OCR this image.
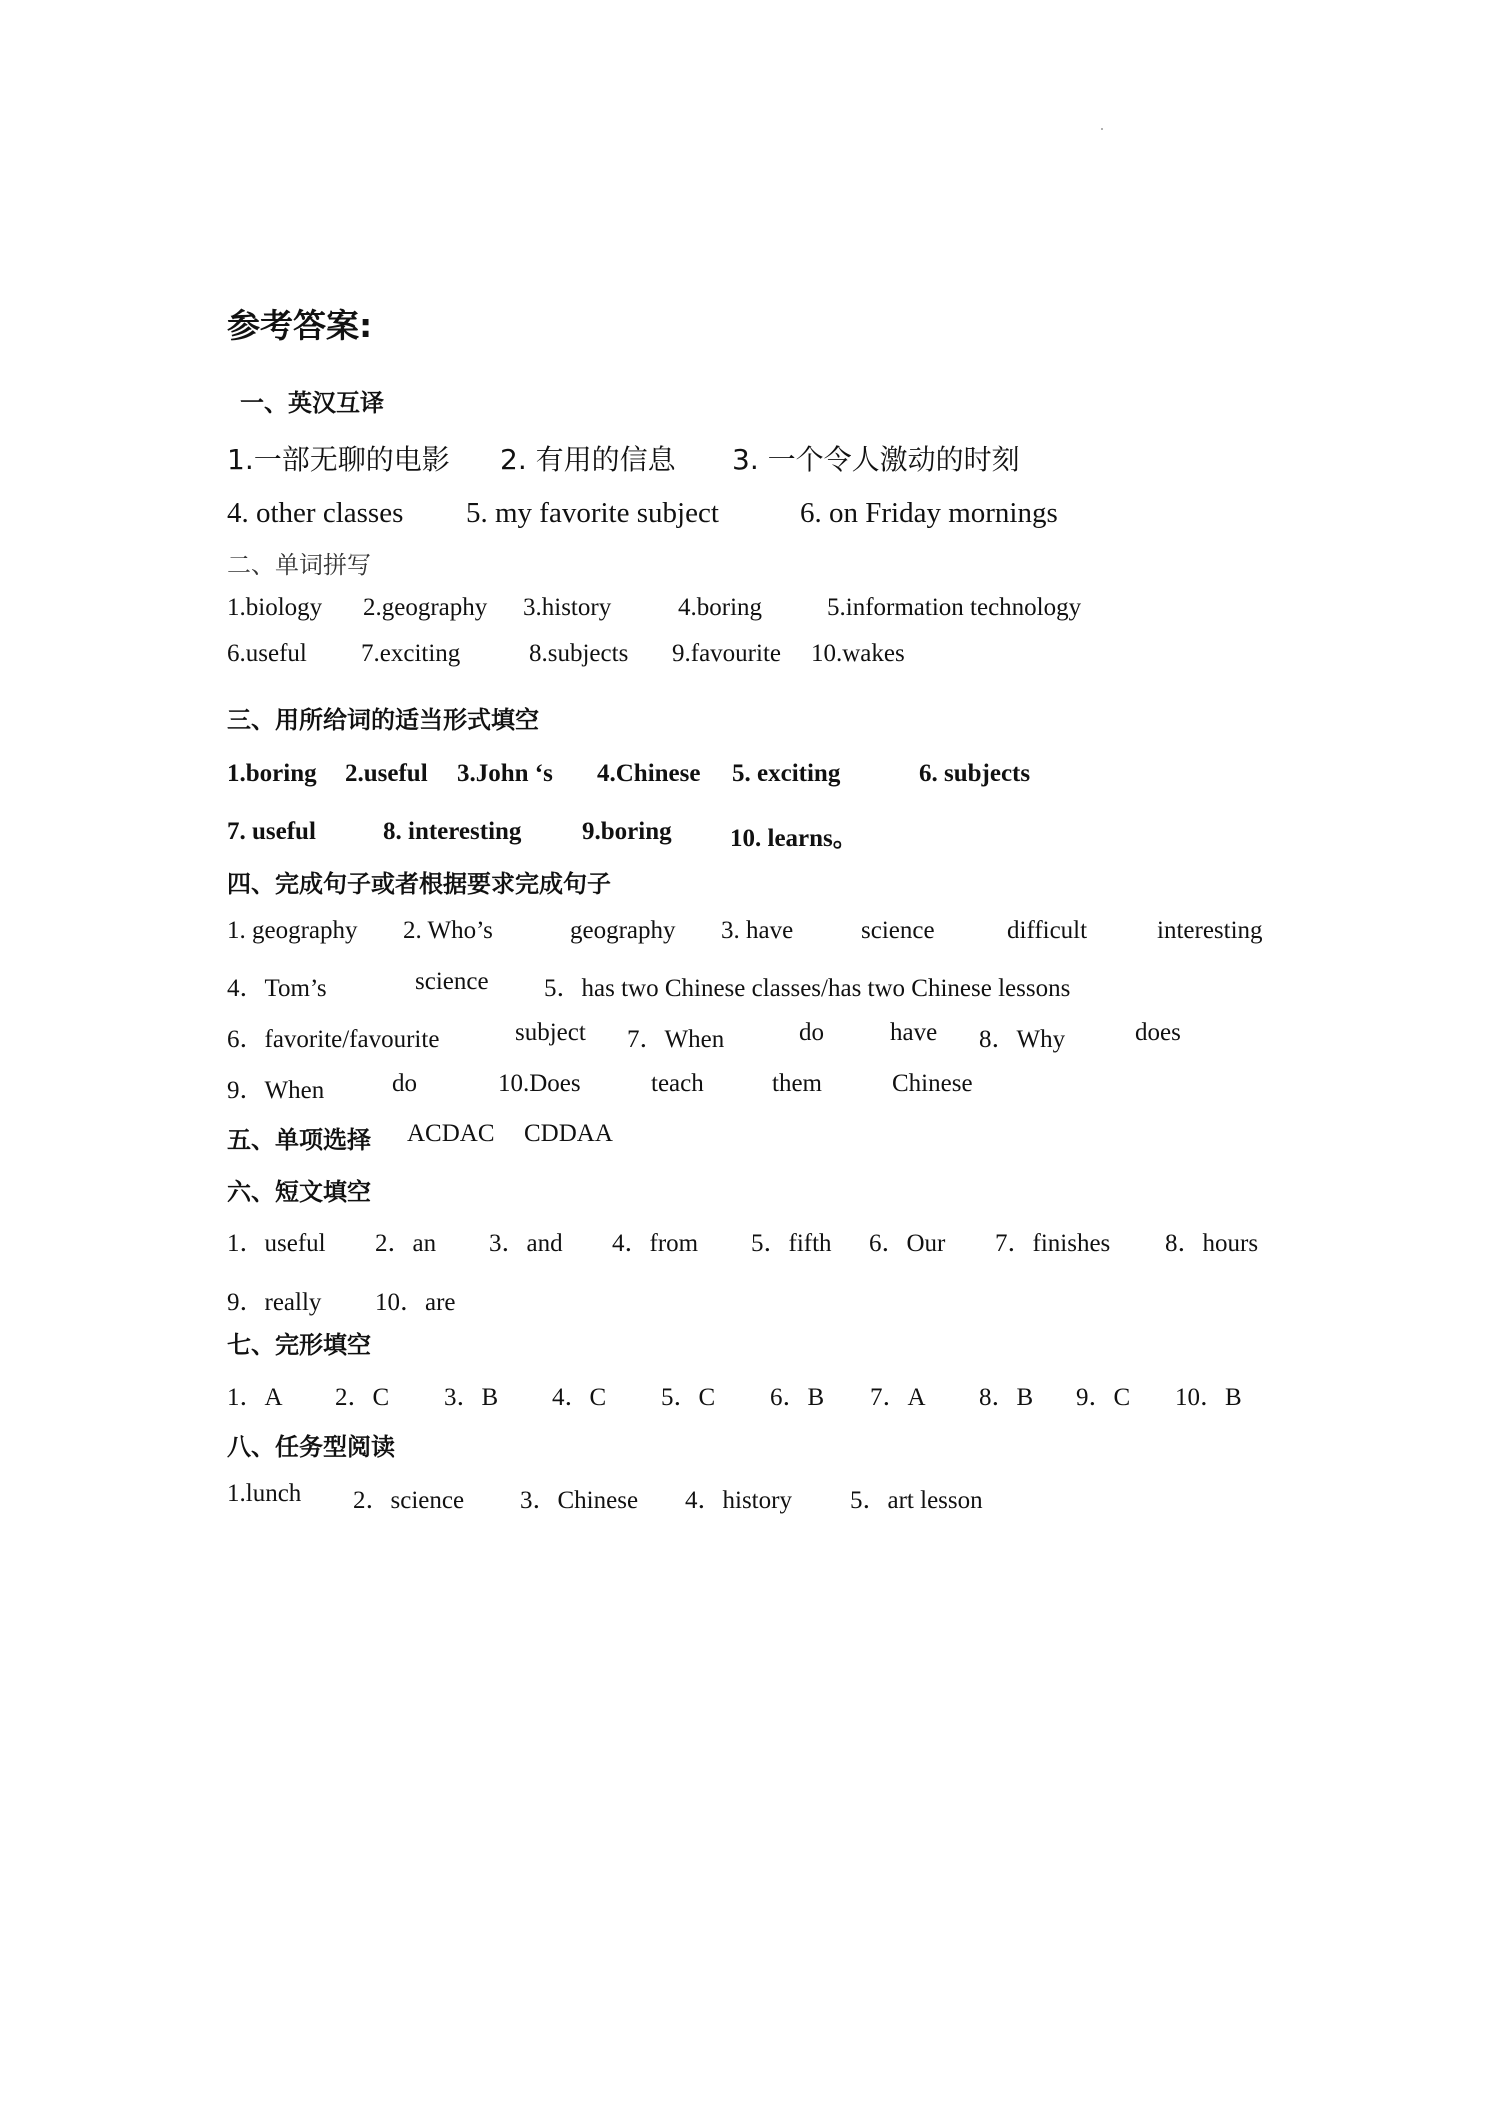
参考答案:
一、英汉互译
1.一部无聊的电影 2. 有用的信息 3. 一个令人激动的时刻
4. other classes 5. my favorite subject	6. on Friday mornings
二、单词拼写
1.biology 2.geography 3.history	4.boring	5.information technology
6.useful 7.exciting	8.subjects 9.favourite 10.wakes
三、用所给词的适当形式填空
1.boring 2.useful 3.John ‘s 4.Chinese 5. exciting	6. subjects
7. useful	8. interesting 9.boring 10. learns。
四、完成句子或者根据要求完成句子
1. geography 2. Who’s	geography 3. have	science	difficult	interesting
4．Tom’s	science 5．has two Chinese classes/has two Chinese lessons
6．favorite/favourite	subject 7．When	do	have 8．Why	does
9．When	do	10.Does	teach	them	Chinese
五、单项选择 ACDAC CDDAA
六、短文填空
1．useful 2．an 3．and 4．from 5．fifth 6．Our 7．finishes 8．hours
9．really 10．are
七、完形填空
1．A 2．C 3．B 4．C 5．C 6．B 7．A 8．B 9．C 10．B
八、任务型阅读
1.lunch 2．science 3．Chinese 4．history 5．art lesson
